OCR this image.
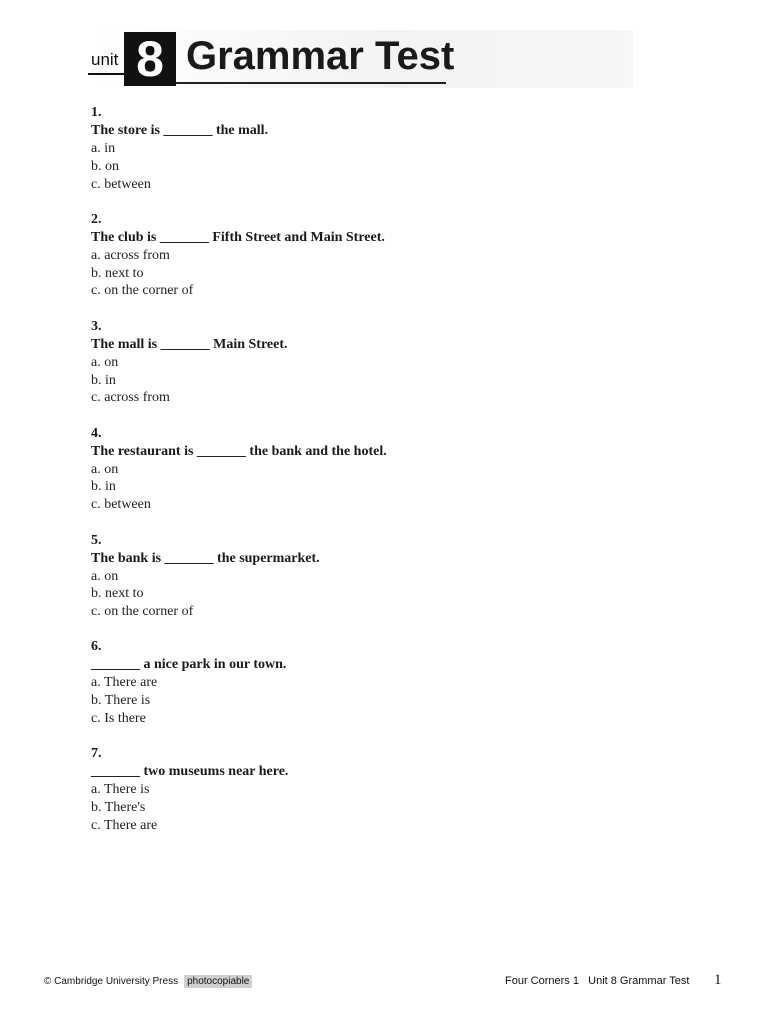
unit 8 Grammar Test
1.
The store is _______ the mall.
a. in
b. on
c. between
2.
The club is _______ Fifth Street and Main Street.
a. across from
b. next to
c. on the corner of
3.
The mall is _______ Main Street.
a. on
b. in
c. across from
4.
The restaurant is _______ the bank and the hotel.
a. on
b. in
c. between
5.
The bank is _______ the supermarket.
a. on
b. next to
c. on the corner of
6.
_______ a nice park in our town.
a. There are
b. There is
c. Is there
7.
_______ two museums near here.
a. There is
b. There's
c. There are
© Cambridge University Press photocopiable	Four Corners 1   Unit 8 Grammar Test 1
